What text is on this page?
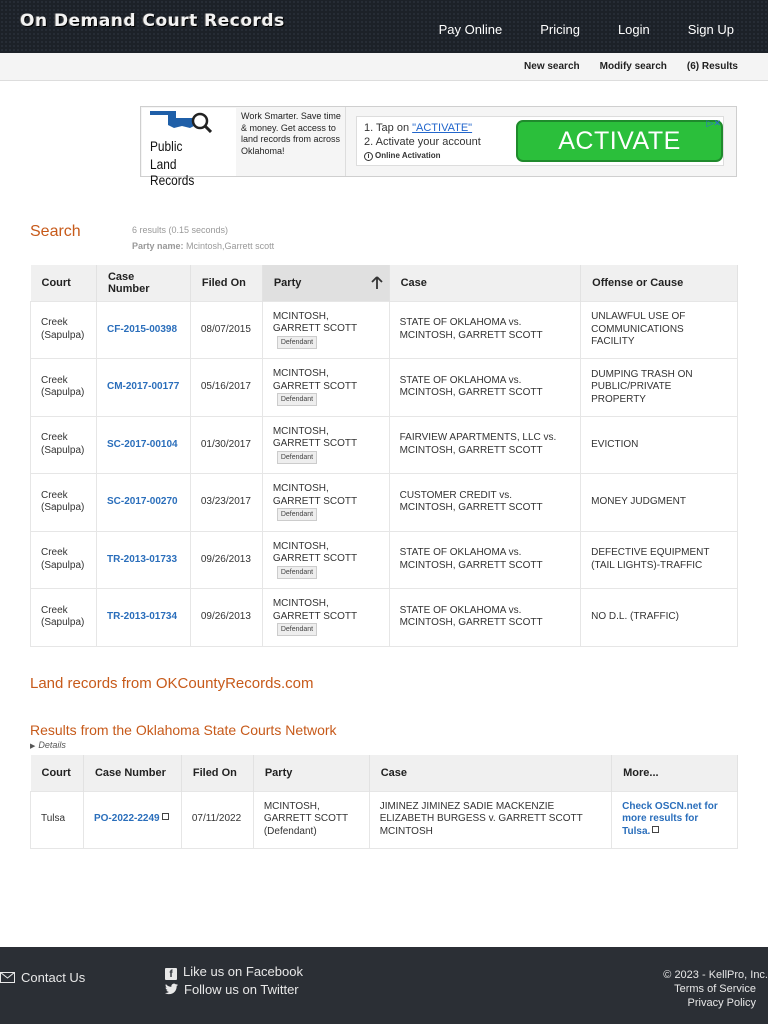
On Demand Court Records	Pay Online	Pricing	Login	Sign Up
New search Modify search (6) Results
Public
Land Records
Work Smarter. Save time & money. Get access to land records from across Oklahoma!
1. Tap on "ACTIVATE"
2. Activate your account
i Online Activation
ACTIVATE
▷✕
Search	6 results (0.15 seconds)
Party name: Mcintosh,Garrett scott
Court	Case Number	Filed On	Party	Case	Offense or Cause
Creek (Sapulpa)	CF-2015-00398	08/07/2015	MCINTOSH, GARRETT SCOTTDefendant	STATE OF OKLAHOMA vs. MCINTOSH, GARRETT SCOTT	UNLAWFUL USE OF COMMUNICATIONS FACILITY
Creek (Sapulpa)	CM-2017-00177	05/16/2017	MCINTOSH, GARRETT SCOTTDefendant	STATE OF OKLAHOMA vs. MCINTOSH, GARRETT SCOTT	DUMPING TRASH ON PUBLIC/PRIVATE PROPERTY
Creek (Sapulpa)	SC-2017-00104	01/30/2017	MCINTOSH, GARRETT SCOTTDefendant	FAIRVIEW APARTMENTS, LLC vs. MCINTOSH, GARRETT SCOTT	EVICTION
Creek (Sapulpa)	SC-2017-00270	03/23/2017	MCINTOSH, GARRETT SCOTTDefendant	CUSTOMER CREDIT vs. MCINTOSH, GARRETT SCOTT	MONEY JUDGMENT
Creek (Sapulpa)	TR-2013-01733	09/26/2013	MCINTOSH, GARRETT SCOTTDefendant	STATE OF OKLAHOMA vs. MCINTOSH, GARRETT SCOTT	DEFECTIVE EQUIPMENT (TAIL LIGHTS)-TRAFFIC
Creek (Sapulpa)	TR-2013-01734	09/26/2013	MCINTOSH, GARRETT SCOTTDefendant	STATE OF OKLAHOMA vs. MCINTOSH, GARRETT SCOTT	NO D.L. (TRAFFIC)
Land records from OKCountyRecords.com
Results from the Oklahoma State Courts Network
▶ Details
Court	Case Number	Filed On	Party	Case	More...
Tulsa	PO-2022-2249	07/11/2022	MCINTOSH, GARRETT SCOTT (Defendant)	JIMINEZ JIMINEZ SADIE MACKENZIE ELIZABETH BURGESS v. GARRETT SCOTT MCINTOSH	Check OSCN.net for more results for Tulsa.
Contact Us	f Like us on Facebook
Follow us on Twitter
© 2023 - KellPro, Inc.
Terms of Service
Privacy Policy
